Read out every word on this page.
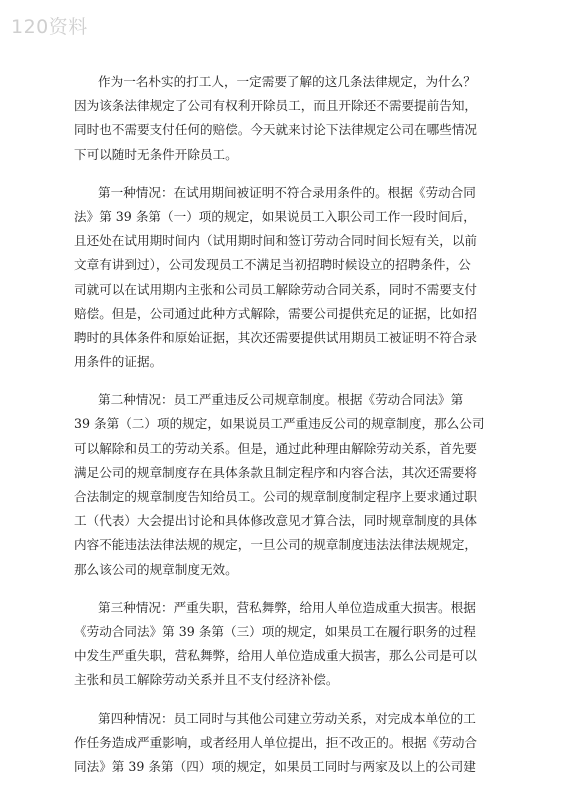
120资料

作为一名朴实的打工人，一定需要了解的这几条法律规定，为什么？
因为该条法律规定了公司有权利开除员工，而且开除还不需要提前告知，
同时也不需要支付任何的赔偿。今天就来讨论下法律规定公司在哪些情况
下可以随时无条件开除员工。

第一种情况：在试用期间被证明不符合录用条件的。根据《劳动合同
法》第 39 条第（一）项的规定，如果说员工入职公司工作一段时间后，
且还处在试用期时间内（试用期时间和签订劳动合同时间长短有关，以前
文章有讲到过），公司发现员工不满足当初招聘时候设立的招聘条件，公
司就可以在试用期内主张和公司员工解除劳动合同关系，同时不需要支付
赔偿。但是，公司通过此种方式解除，需要公司提供充足的证据，比如招
聘时的具体条件和原始证据，其次还需要提供试用期员工被证明不符合录
用条件的证据。

第二种情况：员工严重违反公司规章制度。根据《劳动合同法》第
39 条第（二）项的规定，如果说员工严重违反公司的规章制度，那么公司
可以解除和员工的劳动关系。但是，通过此种理由解除劳动关系，首先要
满足公司的规章制度存在具体条款且制定程序和内容合法，其次还需要将
合法制定的规章制度告知给员工。公司的规章制度制定程序上要求通过职
工（代表）大会提出讨论和具体修改意见才算合法，同时规章制度的具体
内容不能违法法律法规的规定，一旦公司的规章制度违法法律法规规定，
那么该公司的规章制度无效。

第三种情况：严重失职，营私舞弊，给用人单位造成重大损害。根据
《劳动合同法》第 39 条第（三）项的规定，如果员工在履行职务的过程
中发生严重失职，营私舞弊，给用人单位造成重大损害，那么公司是可以
主张和员工解除劳动关系并且不支付经济补偿。

第四种情况：员工同时与其他公司建立劳动关系，对完成本单位的工
作任务造成严重影响，或者经用人单位提出，拒不改正的。根据《劳动合
同法》第 39 条第（四）项的规定，如果员工同时与两家及以上的公司建
